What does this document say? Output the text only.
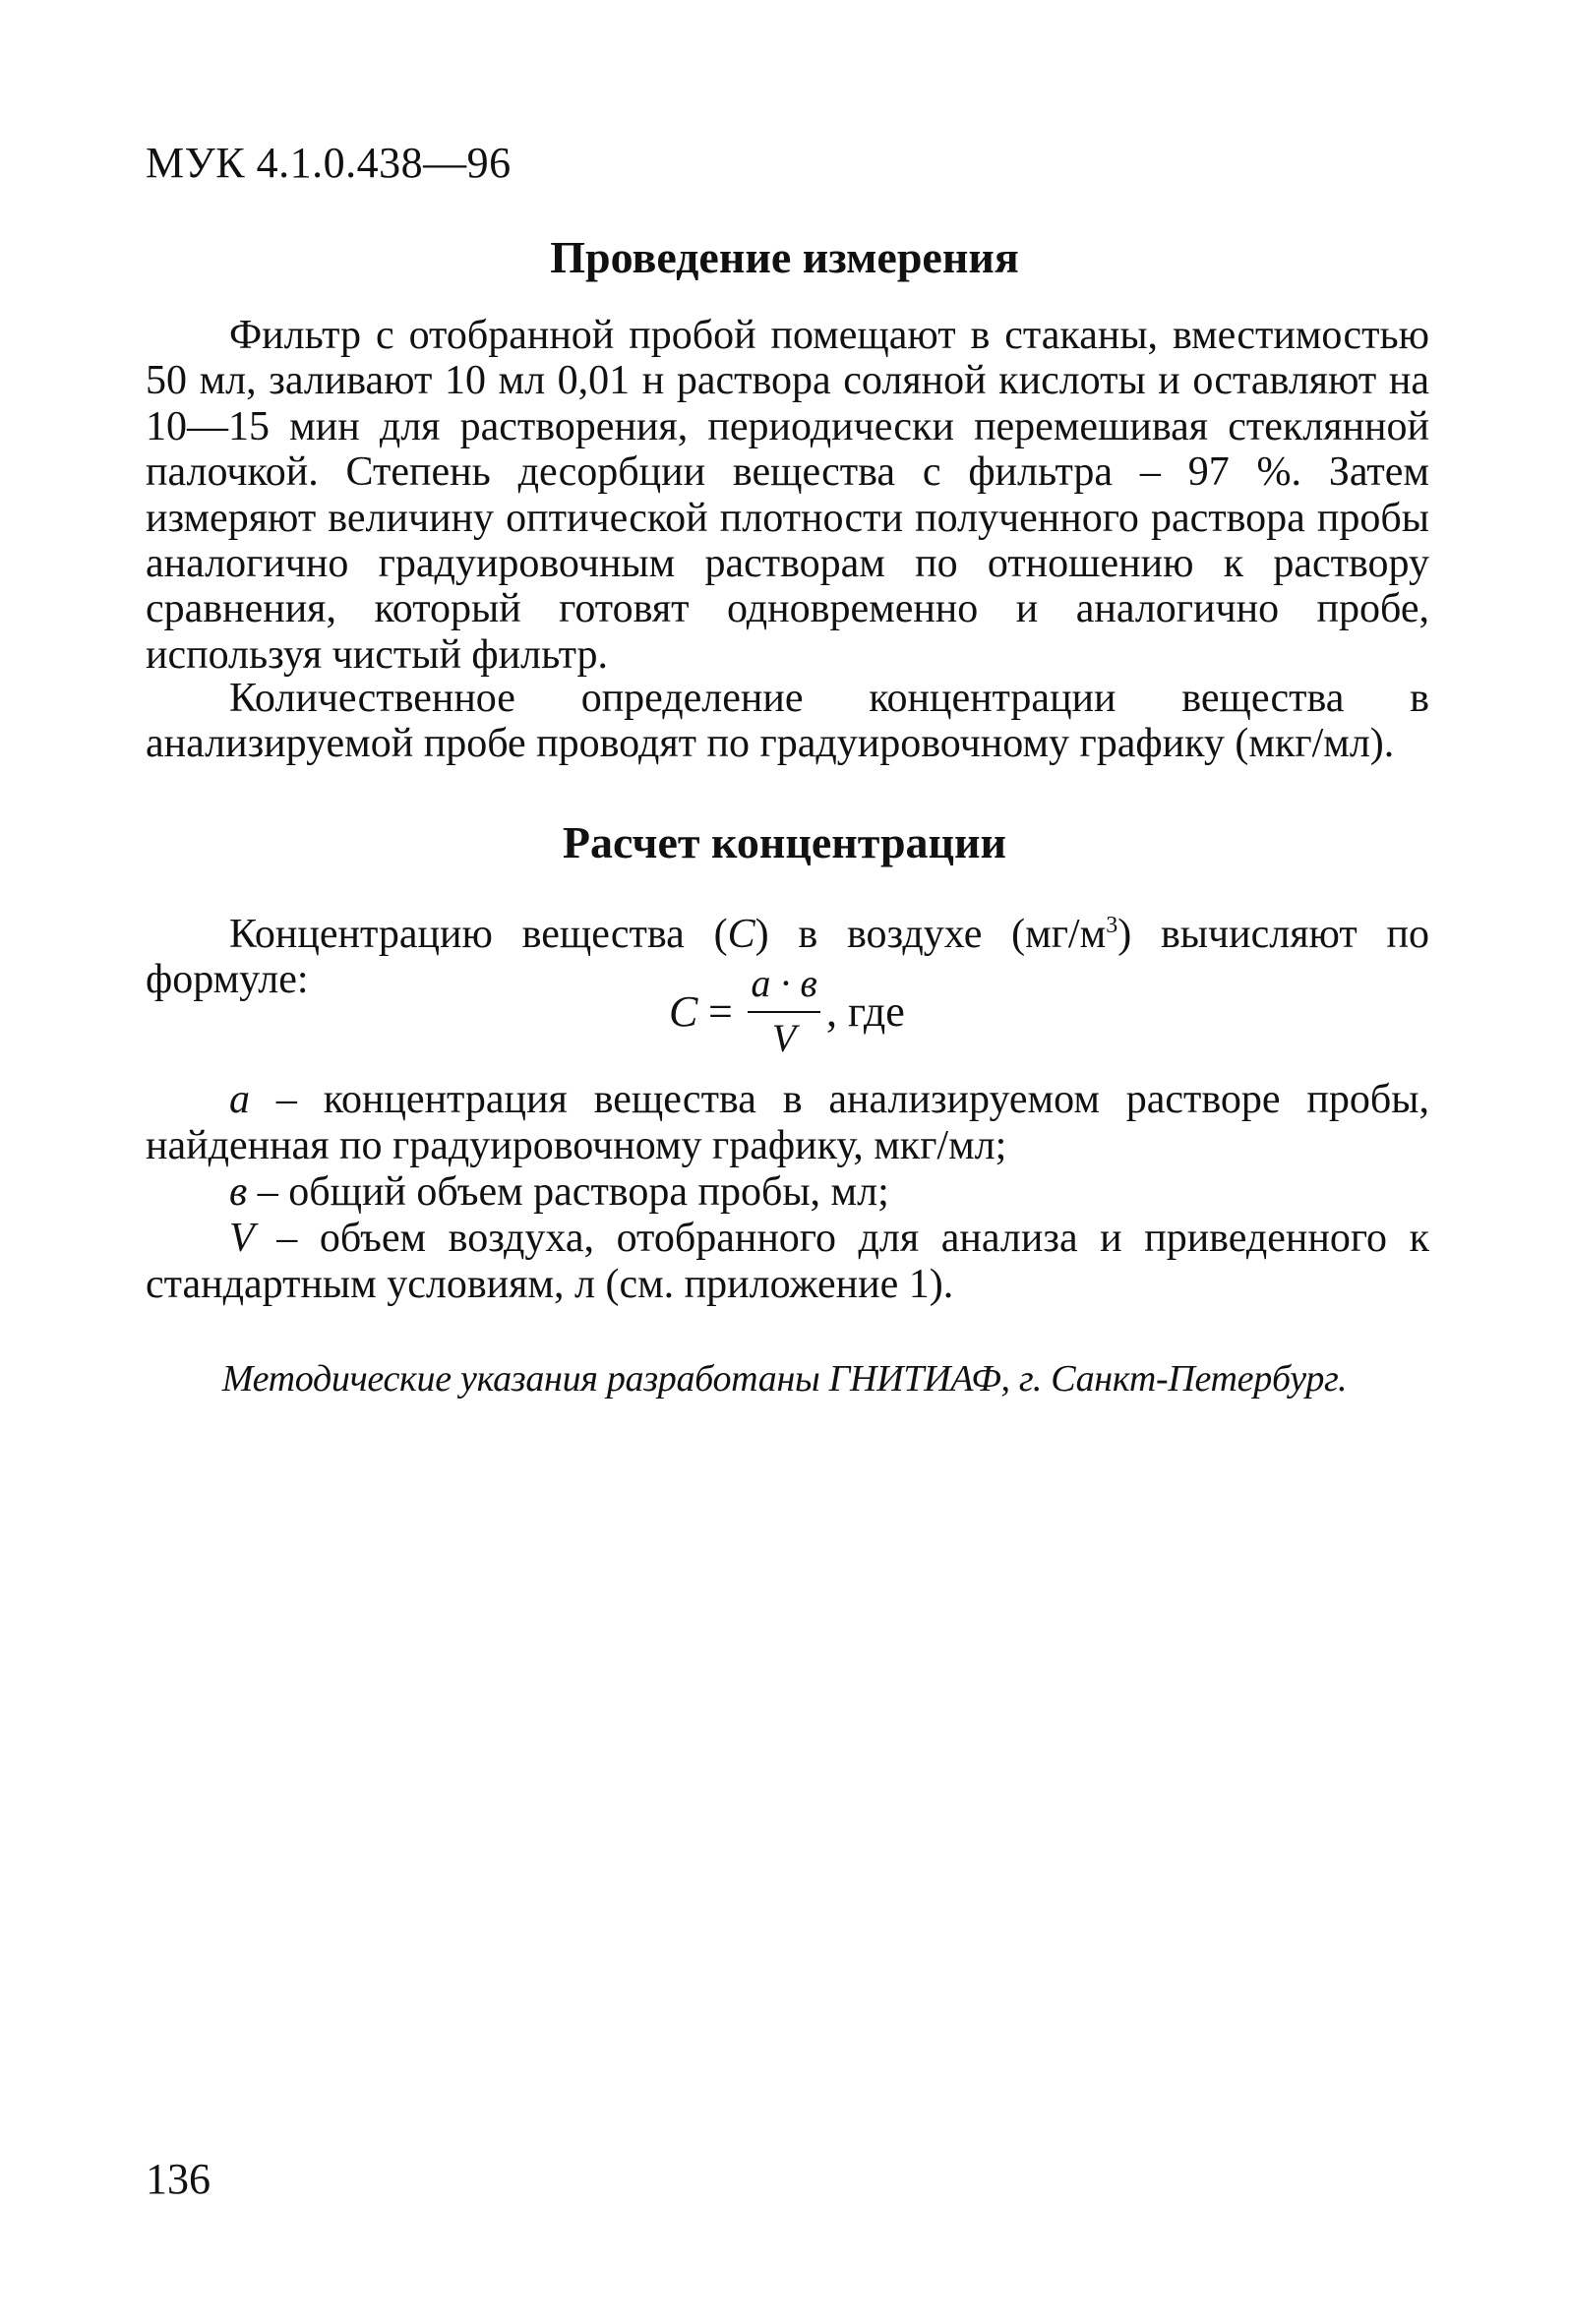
МУК 4.1.0.438—96
Проведение измерения

Фильтр с отобранной пробой помещают в стаканы, вместимостью 50 мл, заливают 10 мл 0,01 н раствора соляной кислоты и оставляют на 10—15 мин для растворения, периодически перемешивая стеклянной палочкой. Степень десорбции вещества с фильтра – 97 %. Затем измеряют величину оптической плотности полученного раствора пробы аналогично градуировочным растворам по отношению к раствору сравнения, который готовят одновременно и аналогично пробе, используя чистый фильтр.

Количественное определение концентрации вещества в анализируемой пробе проводят по градуировочному графику (мкг/мл).

Расчет концентрации

Концентрацию вещества (С) в воздухе $(мг/м^3)$ вычисляют по формуле:

C =
a · в
V
, где

a – концентрация вещества в анализируемом растворе пробы, найденная по градуировочному графику, мкг/мл;

в – общий объем раствора пробы, мл;

V – объем воздуха, отобранного для анализа и приведенного к стандартным условиям, л (см. приложение 1).

Методические указания разработаны ГНИТИАФ, г. Санкт-Петербург.
136
